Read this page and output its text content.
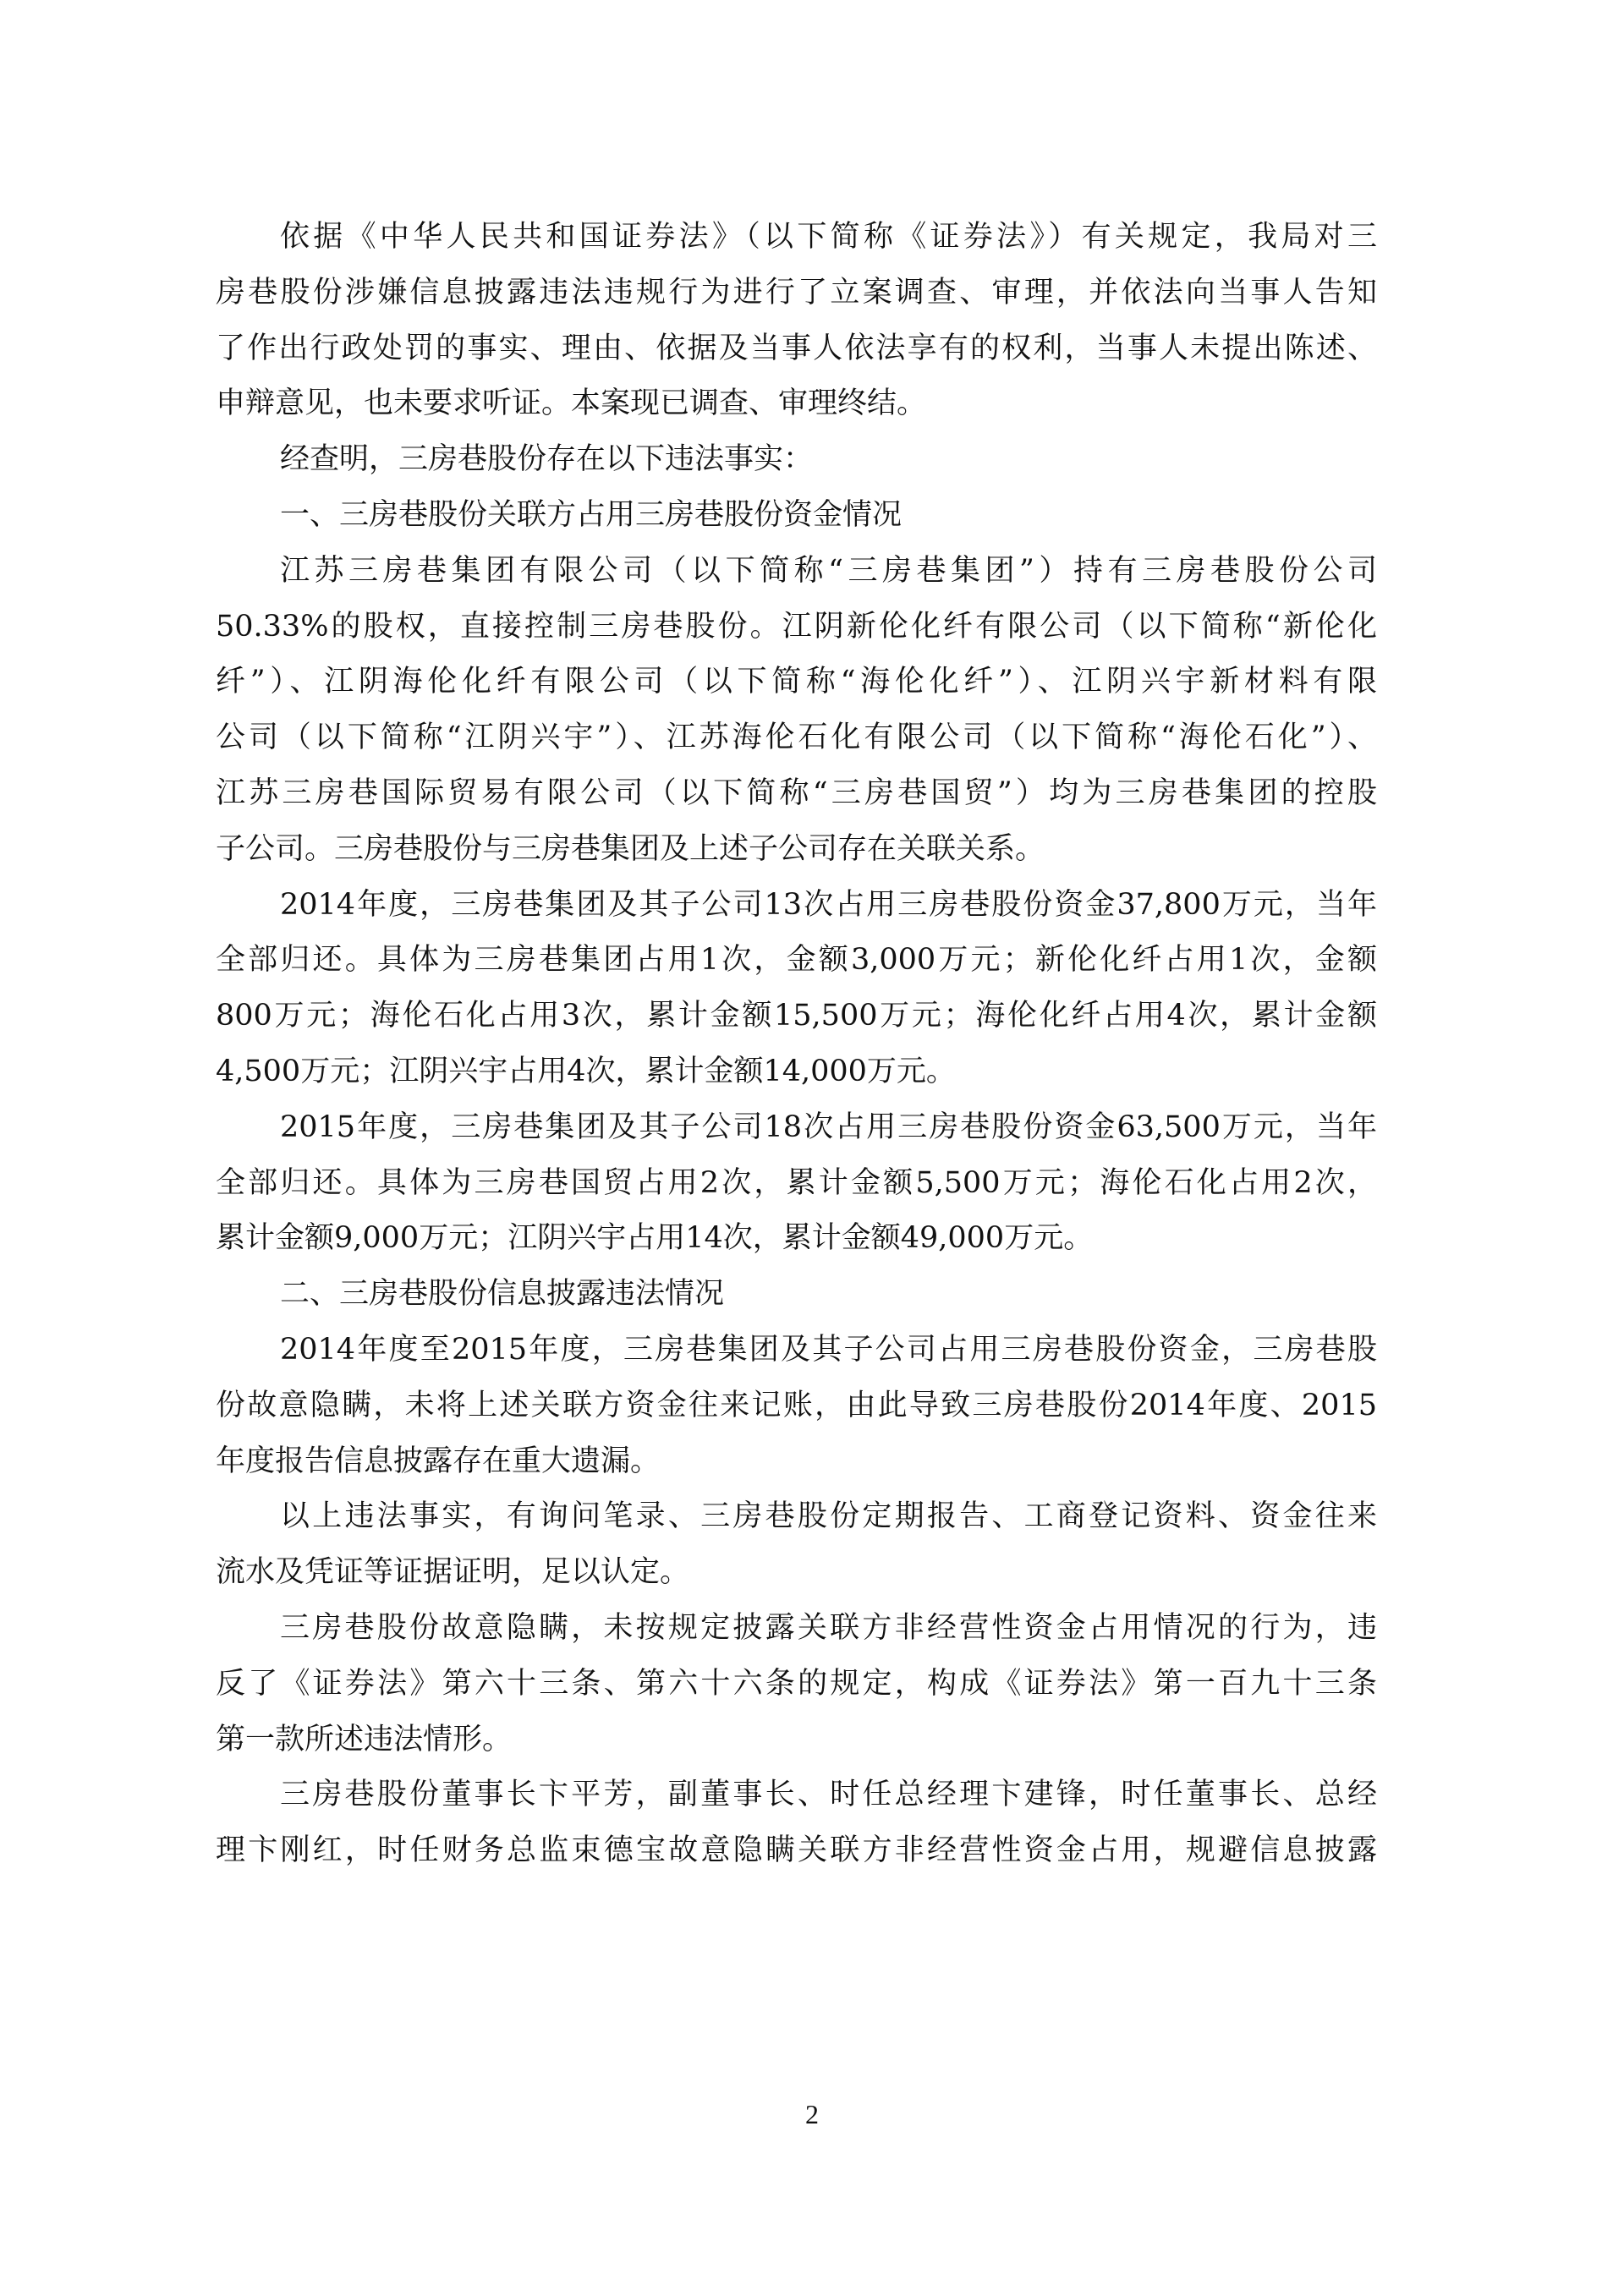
依据《中华人民共和国证券法》（以下简称《证券法》）有关规定，我局对三
房巷股份涉嫌信息披露违法违规行为进行了立案调查、审理，并依法向当事人告知
了作出行政处罚的事实、理由、依据及当事人依法享有的权利，当事人未提出陈述、
申辩意见，也未要求听证。本案现已调查、审理终结。
经查明，三房巷股份存在以下违法事实：
一、三房巷股份关联方占用三房巷股份资金情况
江苏三房巷集团有限公司（以下简称“三房巷集团”）持有三房巷股份公司
50.33%的股权，直接控制三房巷股份。江阴新伦化纤有限公司（以下简称“新伦化
纤”）、江阴海伦化纤有限公司（以下简称“海伦化纤”）、江阴兴宇新材料有限
公司（以下简称“江阴兴宇”）、江苏海伦石化有限公司（以下简称“海伦石化”）、
江苏三房巷国际贸易有限公司（以下简称“三房巷国贸”）均为三房巷集团的控股
子公司。三房巷股份与三房巷集团及上述子公司存在关联关系。
2014年度，三房巷集团及其子公司13次占用三房巷股份资金37,800万元，当年
全部归还。具体为三房巷集团占用1次，金额3,000万元；新伦化纤占用1次，金额
800万元；海伦石化占用3次，累计金额15,500万元；海伦化纤占用4次，累计金额
4,500万元；江阴兴宇占用4次，累计金额14,000万元。
2015年度，三房巷集团及其子公司18次占用三房巷股份资金63,500万元，当年
全部归还。具体为三房巷国贸占用2次，累计金额5,500万元；海伦石化占用2次，
累计金额9,000万元；江阴兴宇占用14次，累计金额49,000万元。
二、三房巷股份信息披露违法情况
2014年度至2015年度，三房巷集团及其子公司占用三房巷股份资金，三房巷股
份故意隐瞒，未将上述关联方资金往来记账，由此导致三房巷股份2014年度、2015
年度报告信息披露存在重大遗漏。
以上违法事实，有询问笔录、三房巷股份定期报告、工商登记资料、资金往来
流水及凭证等证据证明，足以认定。
三房巷股份故意隐瞒，未按规定披露关联方非经营性资金占用情况的行为，违
反了《证券法》第六十三条、第六十六条的规定，构成《证券法》第一百九十三条
第一款所述违法情形。
三房巷股份董事长卞平芳，副董事长、时任总经理卞建锋，时任董事长、总经
理卞刚红，时任财务总监束德宝故意隐瞒关联方非经营性资金占用，规避信息披露
2
